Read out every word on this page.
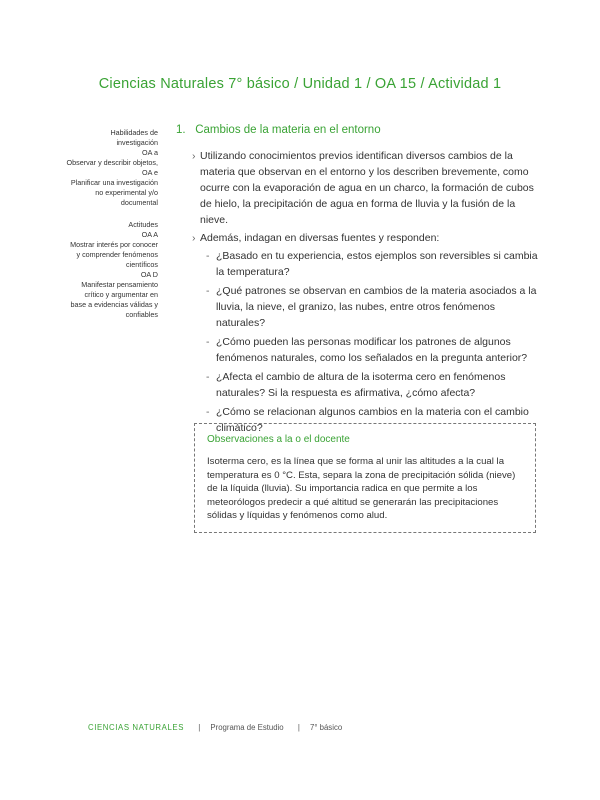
Ciencias Naturales 7° básico / Unidad 1 / OA 15 / Actividad 1
Habilidades de
investigación
OA a
Observar y describir objetos,
OA e
Planificar una investigación
no experimental y/o
documental
Actitudes
OA A
Mostrar interés por conocer
y comprender fenómenos
científicos
OA D
Manifestar pensamiento
crítico y argumentar en
base a evidencias válidas y
confiables
1. Cambios de la materia en el entorno
› Utilizando conocimientos previos identifican diversos cambios de la materia que observan en el entorno y los describen brevemente, como ocurre con la evaporación de agua en un charco, la formación de cubos de hielo, la precipitación de agua en forma de lluvia y la fusión de la nieve.
› Además, indagan en diversas fuentes y responden:
- ¿Basado en tu experiencia, estos ejemplos son reversibles si cambia la temperatura?
- ¿Qué patrones se observan en cambios de la materia asociados a la lluvia, la nieve, el granizo, las nubes, entre otros fenómenos naturales?
- ¿Cómo pueden las personas modificar los patrones de algunos fenómenos naturales, como los señalados en la pregunta anterior?
- ¿Afecta el cambio de altura de la isoterma cero en fenómenos naturales? Si la respuesta es afirmativa, ¿cómo afecta?
- ¿Cómo se relacionan algunos cambios en la materia con el cambio climático?
Observaciones a la o el docente
Isoterma cero, es la línea que se forma al unir las altitudes a la cual la temperatura es 0 °C. Esta, separa la zona de precipitación sólida (nieve) de la líquida (lluvia). Su importancia radica en que permite a los meteorólogos predecir a qué altitud se generarán las precipitaciones sólidas y líquidas y fenómenos como alud.
CIENCIAS NATURALES | Programa de Estudio | 7° básico
